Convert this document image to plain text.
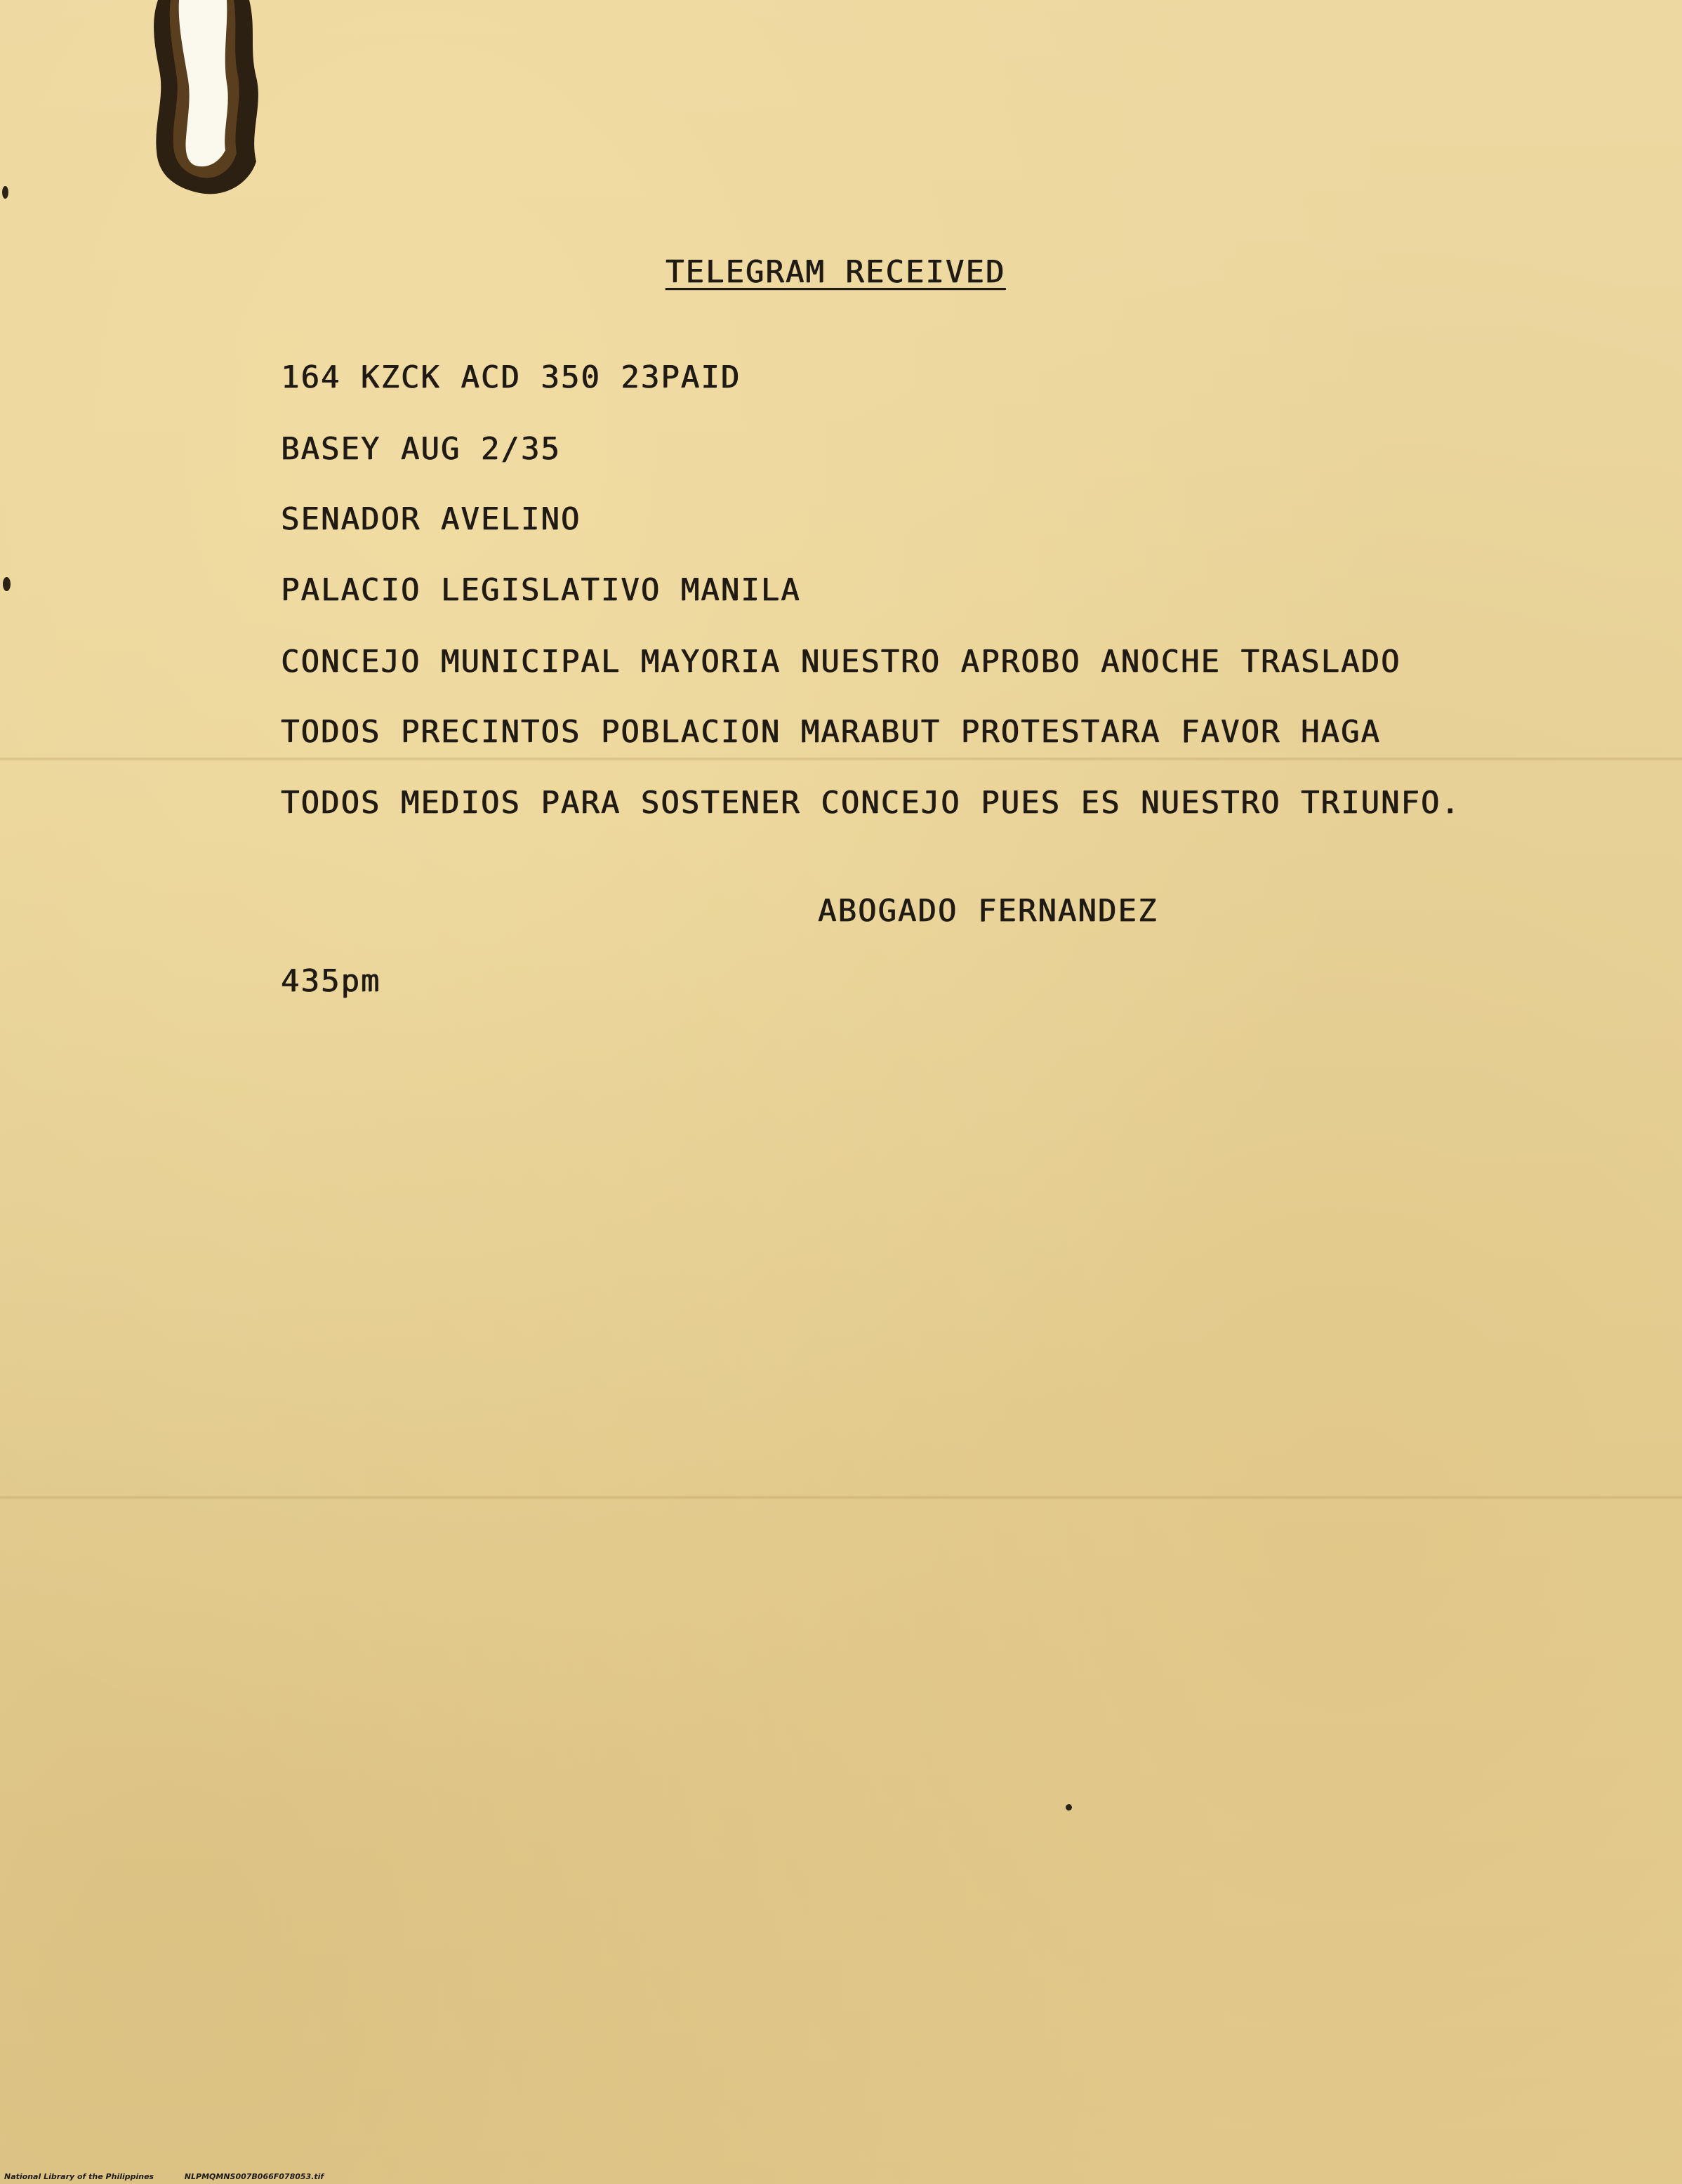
TELEGRAM RECEIVED

164 KZCK ACD 350 23PAID

BASEY AUG 2/35

SENADOR AVELINO

PALACIO LEGISLATIVO MANILA

CONCEJO MUNICIPAL MAYORIA NUESTRO APROBO ANOCHE TRASLADO

TODOS PRECINTOS POBLACION MARABUT PROTESTARA FAVOR HAGA

TODOS MEDIOS PARA SOSTENER CONCEJO PUES ES NUESTRO TRIUNFO.

ABOGADO FERNANDEZ

435pm

National Library of the Philippines	NLPMQMNS007B066F078053.tif
